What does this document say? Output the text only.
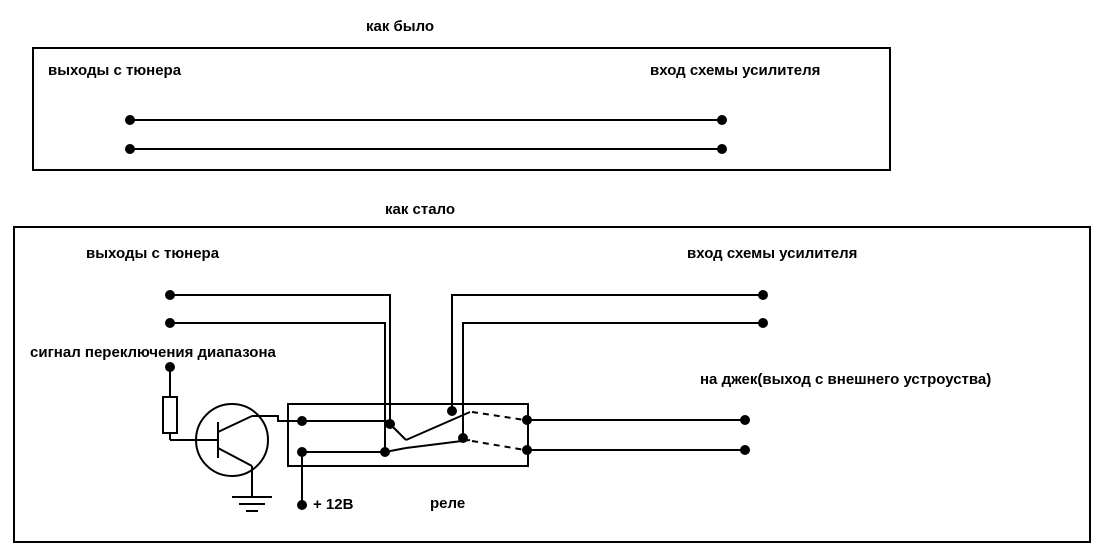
как было
как стало
выходы с тюнера	вход схемы усилителя
выходы с тюнера	вход схемы усилителя
сигнал переключения диапазона
на джек(выход с внешнего устроуства)
+ 12В	реле
